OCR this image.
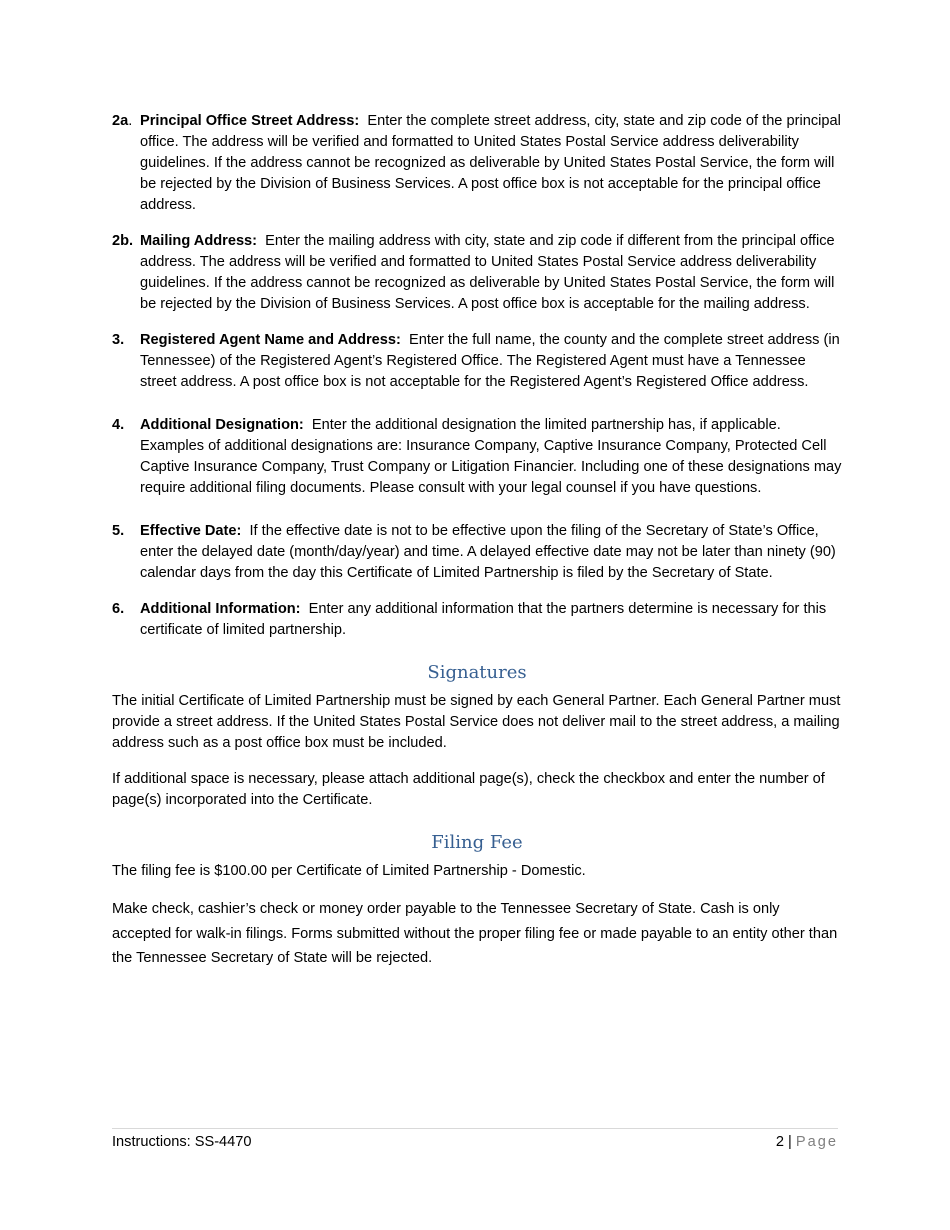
2a. Principal Office Street Address: Enter the complete street address, city, state and zip code of the principal office. The address will be verified and formatted to United States Postal Service address deliverability guidelines. If the address cannot be recognized as deliverable by United States Postal Service, the form will be rejected by the Division of Business Services. A post office box is not acceptable for the principal office address.
2b. Mailing Address: Enter the mailing address with city, state and zip code if different from the principal office address. The address will be verified and formatted to United States Postal Service address deliverability guidelines. If the address cannot be recognized as deliverable by United States Postal Service, the form will be rejected by the Division of Business Services. A post office box is acceptable for the mailing address.
3.	Registered Agent Name and Address: Enter the full name, the county and the complete street address (in Tennessee) of the Registered Agent’s Registered Office. The Registered Agent must have a Tennessee street address. A post office box is not acceptable for the Registered Agent’s Registered Office address.
4.	Additional Designation: Enter the additional designation the limited partnership has, if applicable. Examples of additional designations are: Insurance Company, Captive Insurance Company, Protected Cell Captive Insurance Company, Trust Company or Litigation Financier. Including one of these designations may require additional filing documents. Please consult with your legal counsel if you have questions.
5.	Effective Date: If the effective date is not to be effective upon the filing of the Secretary of State’s Office, enter the delayed date (month/day/year) and time. A delayed effective date may not be later than ninety (90) calendar days from the day this Certificate of Limited Partnership is filed by the Secretary of State.
6.	Additional Information: Enter any additional information that the partners determine is necessary for this certificate of limited partnership.
Signatures

The initial Certificate of Limited Partnership must be signed by each General Partner. Each General Partner must provide a street address. If the United States Postal Service does not deliver mail to the street address, a mailing address such as a post office box must be included.

If additional space is necessary, please attach additional page(s), check the checkbox and enter the number of page(s) incorporated into the Certificate.

Filing Fee

The filing fee is $100.00 per Certificate of Limited Partnership - Domestic.

Make check, cashier’s check or money order payable to the Tennessee Secretary of State. Cash is only accepted for walk-in filings. Forms submitted without the proper filing fee or made payable to an entity other than the Tennessee Secretary of State will be rejected.

Instructions: SS-4470	2 | Page
